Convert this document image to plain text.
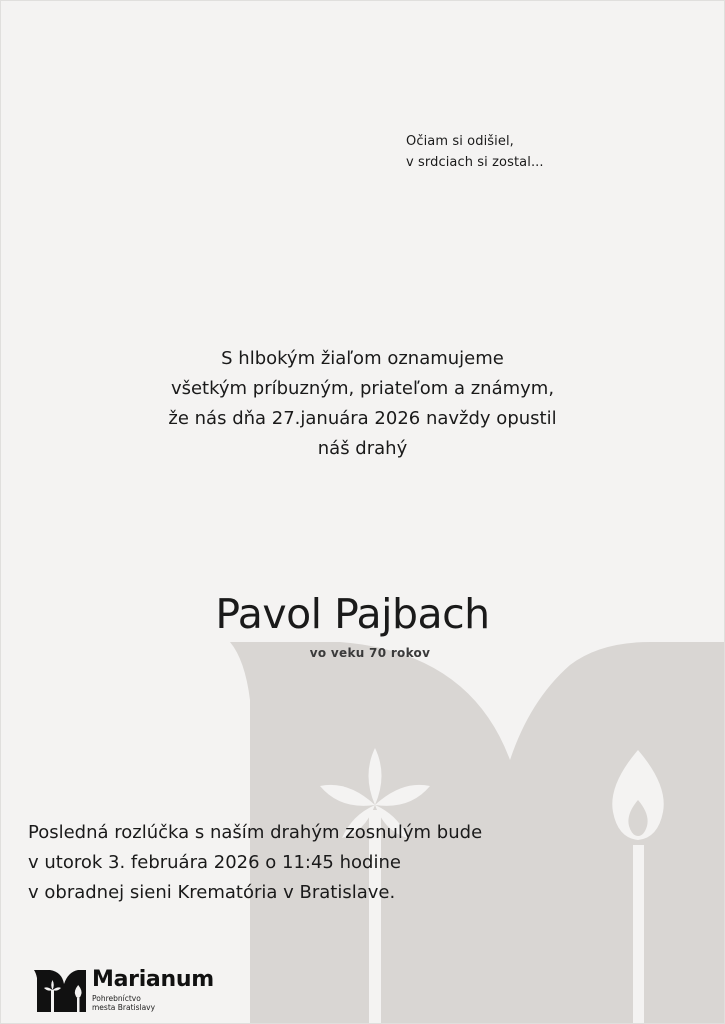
Očiam si odišiel,
v srdciach si zostal...
S hlbokým žiaľom oznamujeme
všetkým príbuzným, priateľom a známym,
že nás dňa 27.januára 2026 navždy opustil
náš drahý
Pavol Pajbach
vo veku 70 rokov
Posledná rozlúčka s naším drahým zosnulým bude
v utorok 3. februára 2026 o 11:45 hodine
v obradnej sieni Krematória v Bratislave.
Marianum
Pohrebníctvo
mesta Bratislavy
